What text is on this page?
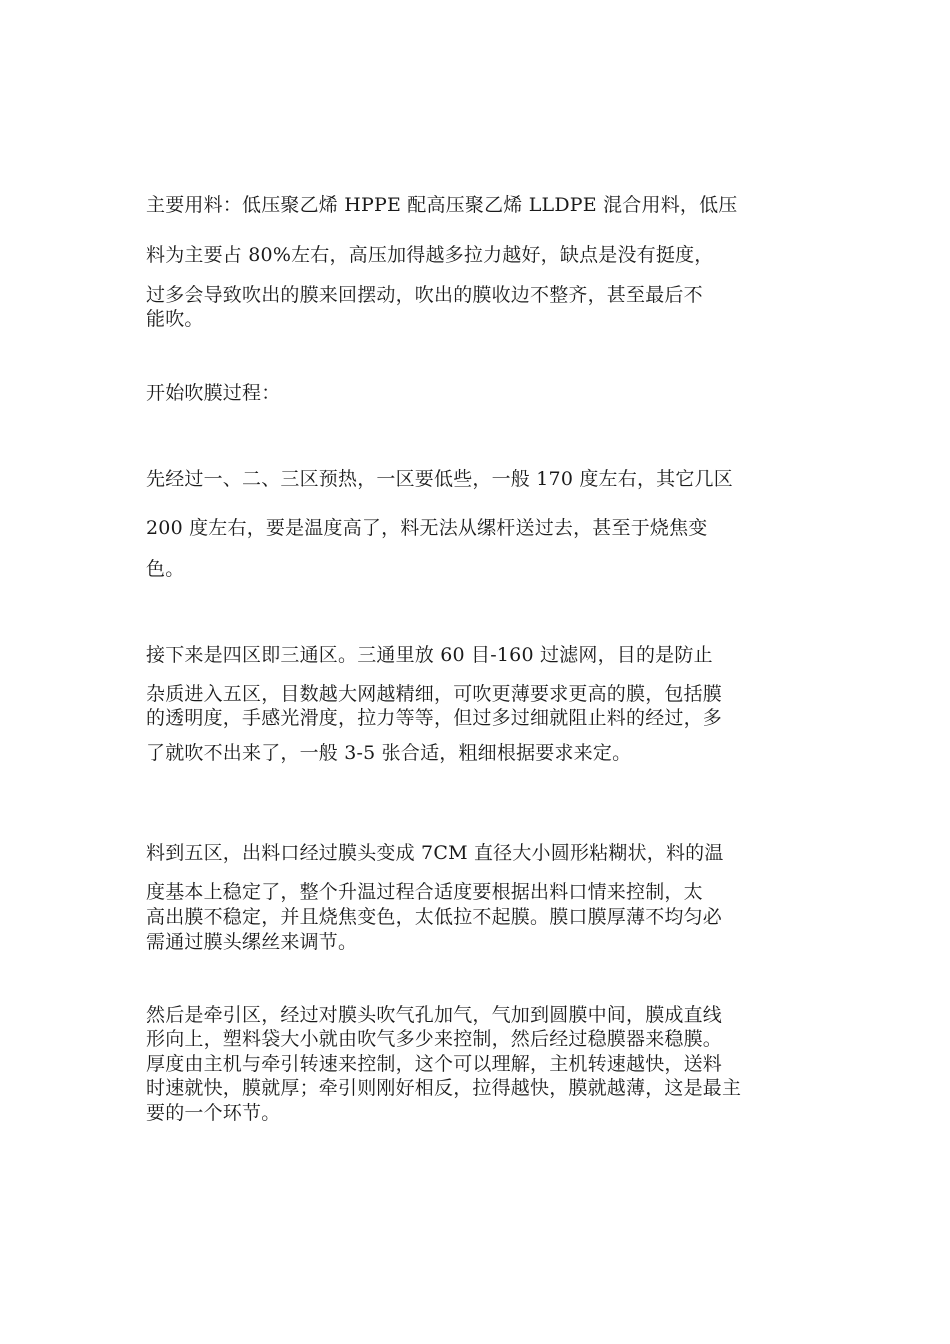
主要用料：低压聚乙烯 HPPE 配高压聚乙烯 LLDPE 混合用料，低压
料为主要占 80%左右，高压加得越多拉力越好，缺点是没有挺度，
过多会导致吹出的膜来回摆动，吹出的膜收边不整齐，甚至最后不
能吹。
开始吹膜过程：
先经过一、二、三区预热，一区要低些，一般 170 度左右，其它几区
200 度左右，要是温度高了，料无法从缧杆送过去，甚至于烧焦变
色。
接下来是四区即三通区。三通里放 60 目-160 过滤网，目的是防止
杂质进入五区，目数越大网越精细，可吹更薄要求更高的膜，包括膜
的透明度，手感光滑度，拉力等等，但过多过细就阻止料的经过，多
了就吹不出来了，一般 3-5 张合适，粗细根据要求来定。
料到五区，出料口经过膜头变成 7CM 直径大小圆形粘糊状，料的温
度基本上稳定了，整个升温过程合适度要根据出料口情来控制，太
高出膜不稳定，并且烧焦变色，太低拉不起膜。膜口膜厚薄不均匀必
需通过膜头缧丝来调节。
然后是牵引区，经过对膜头吹气孔加气，气加到圆膜中间，膜成直线
形向上，塑料袋大小就由吹气多少来控制，然后经过稳膜器来稳膜。
厚度由主机与牵引转速来控制，这个可以理解，主机转速越快，送料
时速就快，膜就厚；牵引则刚好相反，拉得越快，膜就越薄，这是最主
要的一个环节。
